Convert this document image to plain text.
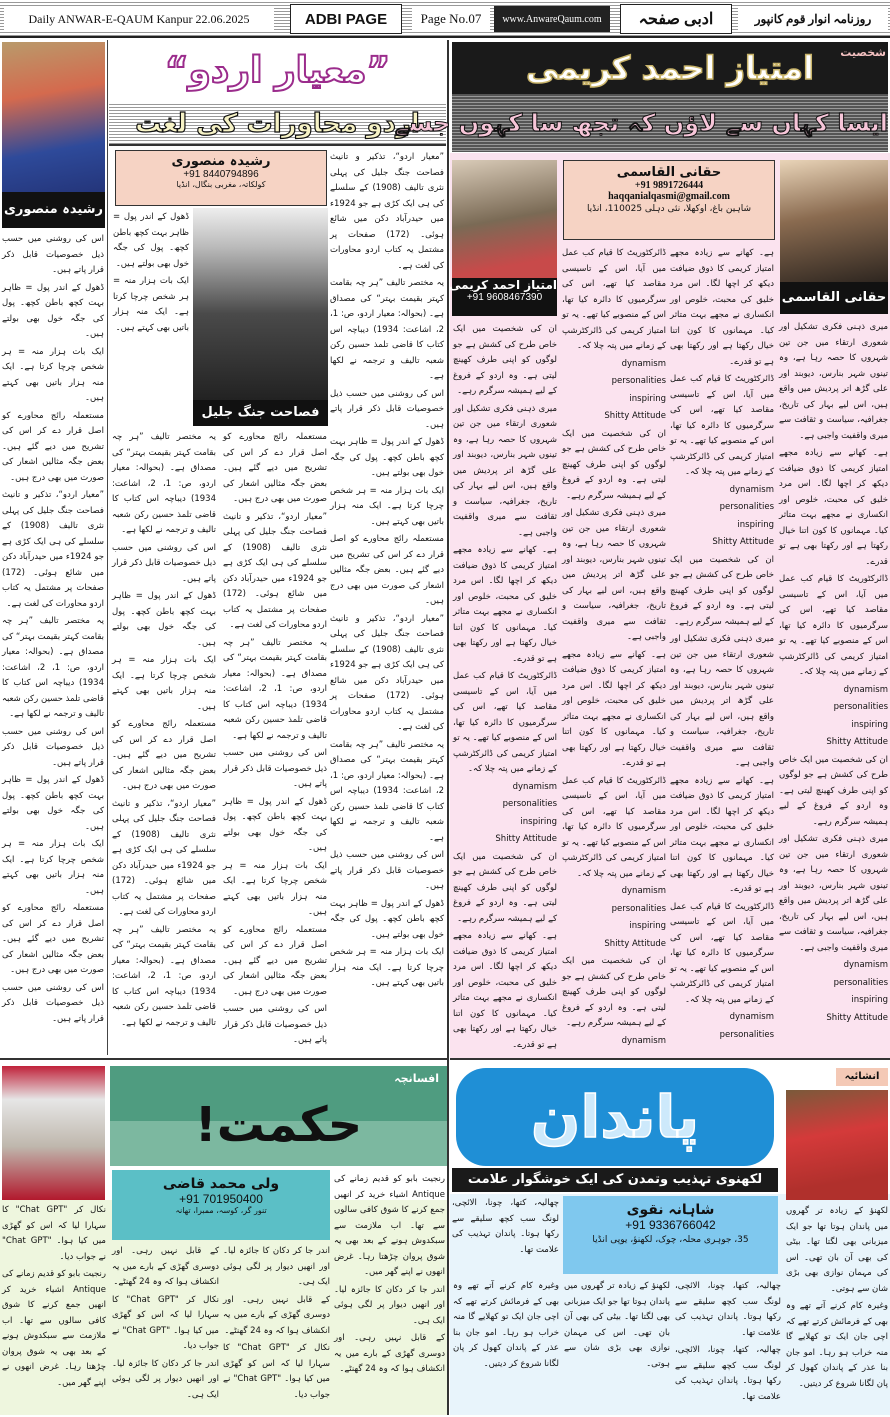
Daily ANWAR-E-QAUM Kanpur
22.06.2025	ADBI PAGE	Page No.07	www.AnwareQaum.com	ادبی صفحہ	روزنامہ انوار قوم کانپور
رشیدہ منصوری
”معیار اردو“
اردو محاورات کی لغت
رشیدہ منصوری
+91 8440794896
کولکاتہ، مغربی بنگال، انڈیا
فصاحت جنگ جلیل

”معیار اردو“، تذکیر و تانیث فصاحت جنگ جلیل کی پہلی نثری تالیف (1908) کے سلسلے کی ہی ایک کڑی ہے جو 1924ء میں حیدرآباد دکن میں شائع ہوئی۔ (172) صفحات پر مشتمل یہ کتاب اردو محاورات کی لغت ہے۔

یہ مختصر تالیف ”ہر چہ بقامت کہتر بقیمت بہتر“ کی مصداق ہے۔ (بحوالہ: معیار اردو، ص: 1، 2، اشاعت: 1934) دیباچہ اس کتاب کا قاضی تلمذ حسین رکن شعبہ تالیف و ترجمہ نے لکھا ہے۔

اس کی روشنی میں حسب ذیل خصوصیات قابل ذکر قرار پاتے ہیں۔

ڈھول کے اندر پول = ظاہر بہت کچھ باطن کچھ۔ پول کی جگہ خول بھی بولتے ہیں۔

ایک بات ہزار منہ = ہر شخص چرچا کرتا ہے۔ ایک منہ ہزار باتیں بھی کہتے ہیں۔

مستعملہ رائج محاورے کو اصل قرار دے کر اس کی تشریح میں دیے گئے ہیں۔ بعض جگہ مثالیں اشعار کی صورت میں بھی درج ہیں۔

”معیار اردو“، تذکیر و تانیث فصاحت جنگ جلیل کی پہلی نثری تالیف (1908) کے سلسلے کی ہی ایک کڑی ہے جو 1924ء میں حیدرآباد دکن میں شائع ہوئی۔ (172) صفحات پر مشتمل یہ کتاب اردو محاورات کی لغت ہے۔

یہ مختصر تالیف ”ہر چہ بقامت کہتر بقیمت بہتر“ کی مصداق ہے۔ (بحوالہ: معیار اردو، ص: 1، 2، اشاعت: 1934) دیباچہ اس کتاب کا قاضی تلمذ حسین رکن شعبہ تالیف و ترجمہ نے لکھا ہے۔

اس کی روشنی میں حسب ذیل خصوصیات قابل ذکر قرار پاتے ہیں۔

ڈھول کے اندر پول = ظاہر بہت کچھ باطن کچھ۔ پول کی جگہ خول بھی بولتے ہیں۔

ایک بات ہزار منہ = ہر شخص چرچا کرتا ہے۔ ایک منہ ہزار باتیں بھی کہتے ہیں۔

ڈھول کے اندر پول = ظاہر بہت کچھ باطن کچھ۔ پول کی جگہ خول بھی بولتے ہیں۔

ایک بات ہزار منہ = ہر شخص چرچا کرتا ہے۔ ایک منہ ہزار باتیں بھی کہتے ہیں۔

مستعملہ رائج محاورے کو اصل قرار دے کر اس کی تشریح میں دیے گئے ہیں۔ بعض جگہ مثالیں اشعار کی صورت میں بھی درج ہیں۔

”معیار اردو“، تذکیر و تانیث فصاحت جنگ جلیل کی پہلی نثری تالیف (1908) کے سلسلے کی ہی ایک کڑی ہے جو 1924ء میں حیدرآباد دکن میں شائع ہوئی۔ (172) صفحات پر مشتمل یہ کتاب اردو محاورات کی لغت ہے۔

یہ مختصر تالیف ”ہر چہ بقامت کہتر بقیمت بہتر“ کی مصداق ہے۔ (بحوالہ: معیار اردو، ص: 1، 2، اشاعت: 1934) دیباچہ اس کتاب کا قاضی تلمذ حسین رکن شعبہ تالیف و ترجمہ نے لکھا ہے۔

اس کی روشنی میں حسب ذیل خصوصیات قابل ذکر قرار پاتے ہیں۔

ڈھول کے اندر پول = ظاہر بہت کچھ باطن کچھ۔ پول کی جگہ خول بھی بولتے ہیں۔

ایک بات ہزار منہ = ہر شخص چرچا کرتا ہے۔ ایک منہ ہزار باتیں بھی کہتے ہیں۔

مستعملہ رائج محاورے کو اصل قرار دے کر اس کی تشریح میں دیے گئے ہیں۔ بعض جگہ مثالیں اشعار کی صورت میں بھی درج ہیں۔

اس کی روشنی میں حسب ذیل خصوصیات قابل ذکر قرار پاتے ہیں۔

یہ مختصر تالیف ”ہر چہ بقامت کہتر بقیمت بہتر“ کی مصداق ہے۔ (بحوالہ: معیار اردو، ص: 1، 2، اشاعت: 1934) دیباچہ اس کتاب کا قاضی تلمذ حسین رکن شعبہ تالیف و ترجمہ نے لکھا ہے۔

اس کی روشنی میں حسب ذیل خصوصیات قابل ذکر قرار پاتے ہیں۔

ڈھول کے اندر پول = ظاہر بہت کچھ باطن کچھ۔ پول کی جگہ خول بھی بولتے ہیں۔

ایک بات ہزار منہ = ہر شخص چرچا کرتا ہے۔ ایک منہ ہزار باتیں بھی کہتے ہیں۔

مستعملہ رائج محاورے کو اصل قرار دے کر اس کی تشریح میں دیے گئے ہیں۔ بعض جگہ مثالیں اشعار کی صورت میں بھی درج ہیں۔

”معیار اردو“، تذکیر و تانیث فصاحت جنگ جلیل کی پہلی نثری تالیف (1908) کے سلسلے کی ہی ایک کڑی ہے جو 1924ء میں حیدرآباد دکن میں شائع ہوئی۔ (172) صفحات پر مشتمل یہ کتاب اردو محاورات کی لغت ہے۔

یہ مختصر تالیف ”ہر چہ بقامت کہتر بقیمت بہتر“ کی مصداق ہے۔ (بحوالہ: معیار اردو، ص: 1، 2، اشاعت: 1934) دیباچہ اس کتاب کا قاضی تلمذ حسین رکن شعبہ تالیف و ترجمہ نے لکھا ہے۔

اس کی روشنی میں حسب ذیل خصوصیات قابل ذکر قرار پاتے ہیں۔

ڈھول کے اندر پول = ظاہر بہت کچھ باطن کچھ۔ پول کی جگہ خول بھی بولتے ہیں۔

ایک بات ہزار منہ = ہر شخص چرچا کرتا ہے۔ ایک منہ ہزار باتیں بھی کہتے ہیں۔

مستعملہ رائج محاورے کو اصل قرار دے کر اس کی تشریح میں دیے گئے ہیں۔ بعض جگہ مثالیں اشعار کی صورت میں بھی درج ہیں۔

”معیار اردو“، تذکیر و تانیث فصاحت جنگ جلیل کی پہلی نثری تالیف (1908) کے سلسلے کی ہی ایک کڑی ہے جو 1924ء میں حیدرآباد دکن میں شائع ہوئی۔ (172) صفحات پر مشتمل یہ کتاب اردو محاورات کی لغت ہے۔

یہ مختصر تالیف ”ہر چہ بقامت کہتر بقیمت بہتر“ کی مصداق ہے۔ (بحوالہ: معیار اردو، ص: 1، 2، اشاعت: 1934) دیباچہ اس کتاب کا قاضی تلمذ حسین رکن شعبہ تالیف و ترجمہ نے لکھا ہے۔

اس کی روشنی میں حسب ذیل خصوصیات قابل ذکر قرار پاتے ہیں۔

ڈھول کے اندر پول = ظاہر بہت کچھ باطن کچھ۔ پول کی جگہ خول بھی بولتے ہیں۔

ایک بات ہزار منہ = ہر شخص چرچا کرتا ہے۔ ایک منہ ہزار باتیں بھی کہتے ہیں۔

مستعملہ رائج محاورے کو اصل قرار دے کر اس کی تشریح میں دیے گئے ہیں۔ بعض جگہ مثالیں اشعار کی صورت میں بھی درج ہیں۔

اس کی روشنی میں حسب ذیل خصوصیات قابل ذکر قرار پاتے ہیں۔

امتیاز احمد کریمی	شخصیت
ایسا کہاں سے لاؤں کہ تجھ سا کہوں جسے
امتیاز احمد کریمی
+91 9608467390
حقانی القاسمی
+91 9891726444
haqqanialqasmi@gmail.com
شاہین باغ، اوکھلا، نئی دہلی 110025، انڈیا
حقانی القاسمی

میری ذہنی فکری تشکیل اور شعوری ارتقاء میں جن تین شہروں کا حصہ رہا ہے، وہ تینوں شہر بنارس، دیوبند اور علی گڑھ اتر پردیش میں واقع ہیں، اس لیے بہار کی تاریخ، جغرافیہ، سیاست و ثقافت سے میری واقفیت واجبی ہے۔

ہے۔ کھانے سے زیادہ مجھے امتیاز کریمی کا ذوق ضیافت دیکھ کر اچھا لگا۔ اس مرد خلیق کی محبت، خلوص اور انکساری نے مجھے بہت متاثر کیا۔ مہمانوں کا کون اتنا خیال رکھتا ہے اور رکھتا بھی ہے تو قدرے۔

ڈائرکٹوریٹ کا قیام کب عمل میں آیا، اس کے تاسیسی مقاصد کیا تھے، اس کی سرگرمیوں کا دائرہ کیا تھا، اس کے منصوبے کیا تھے۔ یہ تو امتیاز کریمی کی ڈائرکٹرشپ کے زمانے میں پتہ چلا کہ۔

dynamism

personalities

inspiring

Shitty Attitude

ان کی شخصیت میں ایک خاص طرح کی کشش ہے جو لوگوں کو اپنی طرف کھینچ لیتی ہے۔ وہ اردو کے فروغ کے لیے ہمیشہ سرگرم رہے۔

میری ذہنی فکری تشکیل اور شعوری ارتقاء میں جن تین شہروں کا حصہ رہا ہے، وہ تینوں شہر بنارس، دیوبند اور علی گڑھ اتر پردیش میں واقع ہیں، اس لیے بہار کی تاریخ، جغرافیہ، سیاست و ثقافت سے میری واقفیت واجبی ہے۔

dynamism

personalities

inspiring

Shitty Attitude

ہے۔ کھانے سے زیادہ مجھے امتیاز کریمی کا ذوق ضیافت دیکھ کر اچھا لگا۔ اس مرد خلیق کی محبت، خلوص اور انکساری نے مجھے بہت متاثر کیا۔ مہمانوں کا کون اتنا خیال رکھتا ہے اور رکھتا بھی ہے تو قدرے۔

ڈائرکٹوریٹ کا قیام کب عمل میں آیا، اس کے تاسیسی مقاصد کیا تھے، اس کی سرگرمیوں کا دائرہ کیا تھا، اس کے منصوبے کیا تھے۔ یہ تو امتیاز کریمی کی ڈائرکٹرشپ کے زمانے میں پتہ چلا کہ۔

dynamism

personalities

inspiring

Shitty Attitude

ان کی شخصیت میں ایک خاص طرح کی کشش ہے جو لوگوں کو اپنی طرف کھینچ لیتی ہے۔ وہ اردو کے فروغ کے لیے ہمیشہ سرگرم رہے۔

میری ذہنی فکری تشکیل اور شعوری ارتقاء میں جن تین شہروں کا حصہ رہا ہے، وہ تینوں شہر بنارس، دیوبند اور علی گڑھ اتر پردیش میں واقع ہیں، اس لیے بہار کی تاریخ، جغرافیہ، سیاست و ثقافت سے میری واقفیت واجبی ہے۔

ہے۔ کھانے سے زیادہ مجھے امتیاز کریمی کا ذوق ضیافت دیکھ کر اچھا لگا۔ اس مرد خلیق کی محبت، خلوص اور انکساری نے مجھے بہت متاثر کیا۔ مہمانوں کا کون اتنا خیال رکھتا ہے اور رکھتا بھی ہے تو قدرے۔

ڈائرکٹوریٹ کا قیام کب عمل میں آیا، اس کے تاسیسی مقاصد کیا تھے، اس کی سرگرمیوں کا دائرہ کیا تھا، اس کے منصوبے کیا تھے۔ یہ تو امتیاز کریمی کی ڈائرکٹرشپ کے زمانے میں پتہ چلا کہ۔

dynamism

personalities

ڈائرکٹوریٹ کا قیام کب عمل میں آیا، اس کے تاسیسی مقاصد کیا تھے، اس کی سرگرمیوں کا دائرہ کیا تھا، اس کے منصوبے کیا تھے۔ یہ تو امتیاز کریمی کی ڈائرکٹرشپ کے زمانے میں پتہ چلا کہ۔

dynamism

personalities

inspiring

Shitty Attitude

ان کی شخصیت میں ایک خاص طرح کی کشش ہے جو لوگوں کو اپنی طرف کھینچ لیتی ہے۔ وہ اردو کے فروغ کے لیے ہمیشہ سرگرم رہے۔

میری ذہنی فکری تشکیل اور شعوری ارتقاء میں جن تین شہروں کا حصہ رہا ہے، وہ تینوں شہر بنارس، دیوبند اور علی گڑھ اتر پردیش میں واقع ہیں، اس لیے بہار کی تاریخ، جغرافیہ، سیاست و ثقافت سے میری واقفیت واجبی ہے۔

ہے۔ کھانے سے زیادہ مجھے امتیاز کریمی کا ذوق ضیافت دیکھ کر اچھا لگا۔ اس مرد خلیق کی محبت، خلوص اور انکساری نے مجھے بہت متاثر کیا۔ مہمانوں کا کون اتنا خیال رکھتا ہے اور رکھتا بھی ہے تو قدرے۔

ڈائرکٹوریٹ کا قیام کب عمل میں آیا، اس کے تاسیسی مقاصد کیا تھے، اس کی سرگرمیوں کا دائرہ کیا تھا، اس کے منصوبے کیا تھے۔ یہ تو امتیاز کریمی کی ڈائرکٹرشپ کے زمانے میں پتہ چلا کہ۔

dynamism

personalities

inspiring

Shitty Attitude

ان کی شخصیت میں ایک خاص طرح کی کشش ہے جو لوگوں کو اپنی طرف کھینچ لیتی ہے۔ وہ اردو کے فروغ کے لیے ہمیشہ سرگرم رہے۔

dynamism

ان کی شخصیت میں ایک خاص طرح کی کشش ہے جو لوگوں کو اپنی طرف کھینچ لیتی ہے۔ وہ اردو کے فروغ کے لیے ہمیشہ سرگرم رہے۔

میری ذہنی فکری تشکیل اور شعوری ارتقاء میں جن تین شہروں کا حصہ رہا ہے، وہ تینوں شہر بنارس، دیوبند اور علی گڑھ اتر پردیش میں واقع ہیں، اس لیے بہار کی تاریخ، جغرافیہ، سیاست و ثقافت سے میری واقفیت واجبی ہے۔

ہے۔ کھانے سے زیادہ مجھے امتیاز کریمی کا ذوق ضیافت دیکھ کر اچھا لگا۔ اس مرد خلیق کی محبت، خلوص اور انکساری نے مجھے بہت متاثر کیا۔ مہمانوں کا کون اتنا خیال رکھتا ہے اور رکھتا بھی ہے تو قدرے۔

ڈائرکٹوریٹ کا قیام کب عمل میں آیا، اس کے تاسیسی مقاصد کیا تھے، اس کی سرگرمیوں کا دائرہ کیا تھا، اس کے منصوبے کیا تھے۔ یہ تو امتیاز کریمی کی ڈائرکٹرشپ کے زمانے میں پتہ چلا کہ۔

dynamism

personalities

inspiring

Shitty Attitude

ان کی شخصیت میں ایک خاص طرح کی کشش ہے جو لوگوں کو اپنی طرف کھینچ لیتی ہے۔ وہ اردو کے فروغ کے لیے ہمیشہ سرگرم رہے۔

ہے۔ کھانے سے زیادہ مجھے امتیاز کریمی کا ذوق ضیافت دیکھ کر اچھا لگا۔ اس مرد خلیق کی محبت، خلوص اور انکساری نے مجھے بہت متاثر کیا۔ مہمانوں کا کون اتنا خیال رکھتا ہے اور رکھتا بھی ہے تو قدرے۔

افسانچہ
حکمت!
ولی محمد قاضی
+91 701950400
تنور گر، کوسہ، ممبرا، تھانہ

رنجیت بابو کو قدیم زمانے کی Antique اشیاء خرید کر انھیں جمع کرنے کا شوق کافی سالوں سے تھا۔ اب ملازمت سے سبکدوش ہونے کے بعد بھی یہ شوق پروان چڑھتا رہا۔ غرض انھوں نے اپنے گھر میں۔

اندر جا کر دکان کا جائزہ لیا۔ اور انھیں دیوار پر لگی ہوئی ایک ہی۔

کے قابل نہیں رہی۔ اور دوسری گھڑی کے بارے میں یہ انکشاف ہوا کہ وہ 24 گھنٹے۔

اندر جا کر دکان کا جائزہ لیا۔ اور انھیں دیوار پر لگی ہوئی ایک ہی۔

کے قابل نہیں رہی۔ اور دوسری گھڑی کے بارے میں یہ انکشاف ہوا کہ وہ 24 گھنٹے۔

نکال کر "Chat GPT" کا سہارا لیا کہ اس کو گھڑی میں کیا ہوا۔ "Chat GPT" نے جواب دیا۔

کے قابل نہیں رہی۔ اور دوسری گھڑی کے بارے میں یہ انکشاف ہوا کہ وہ 24 گھنٹے۔

نکال کر "Chat GPT" کا سہارا لیا کہ اس کو گھڑی میں کیا ہوا۔ "Chat GPT" نے جواب دیا۔

اندر جا کر دکان کا جائزہ لیا۔ اور انھیں دیوار پر لگی ہوئی ایک ہی۔

نکال کر "Chat GPT" کا سہارا لیا کہ اس کو گھڑی میں کیا ہوا۔ "Chat GPT" نے جواب دیا۔

رنجیت بابو کو قدیم زمانے کی Antique اشیاء خرید کر انھیں جمع کرنے کا شوق کافی سالوں سے تھا۔ اب ملازمت سے سبکدوش ہونے کے بعد بھی یہ شوق پروان چڑھتا رہا۔ غرض انھوں نے اپنے گھر میں۔

پاندان
لکھنوی تہذیب وتمدن کی ایک خوشگوار علامت
انشائیہ
شاہانہ نقوی
+91 9336766042
35، جوہری محلہ، چوک، لکھنؤ، یوپی انڈیا

لکھنؤ کے زیادہ تر گھروں میں پاندان ہوتا تھا جو ایک میزبانی بھی لگتا تھا۔ بیٹی کی بھی آن بان تھی۔ اس کی مہمان نوازی بھی بڑی شان سے ہوتی۔

وغیرہ کام کرنے آتے تھے وہ بھی کے فرمائش کرتے تھے کہ اچی جان ایک تو کھلایے گا منہ خراب ہو رہا۔ امو جان بنا عذر کے پاندان کھول کر پان لگانا شروع کر دیتیں۔

چھالیہ، کتھا، چونا، الائچی، لونگ سب کچھ سلیقے سے رکھا ہوتا۔ پاندان تہذیب کی علامت تھا۔

چھالیہ، کتھا، چونا، الائچی، لونگ سب کچھ سلیقے سے رکھا ہوتا۔ پاندان تہذیب کی علامت تھا۔

چھالیہ، کتھا، چونا، الائچی، لونگ سب کچھ سلیقے سے رکھا ہوتا۔ پاندان تہذیب کی علامت تھا۔

لکھنؤ کے زیادہ تر گھروں میں پاندان ہوتا تھا جو ایک میزبانی بھی لگتا تھا۔ بیٹی کی بھی آن بان تھی۔ اس کی مہمان نوازی بھی بڑی شان سے ہوتی۔

وغیرہ کام کرنے آتے تھے وہ بھی کے فرمائش کرتے تھے کہ اچی جان ایک تو کھلایے گا منہ خراب ہو رہا۔ امو جان بنا عذر کے پاندان کھول کر پان لگانا شروع کر دیتیں۔
